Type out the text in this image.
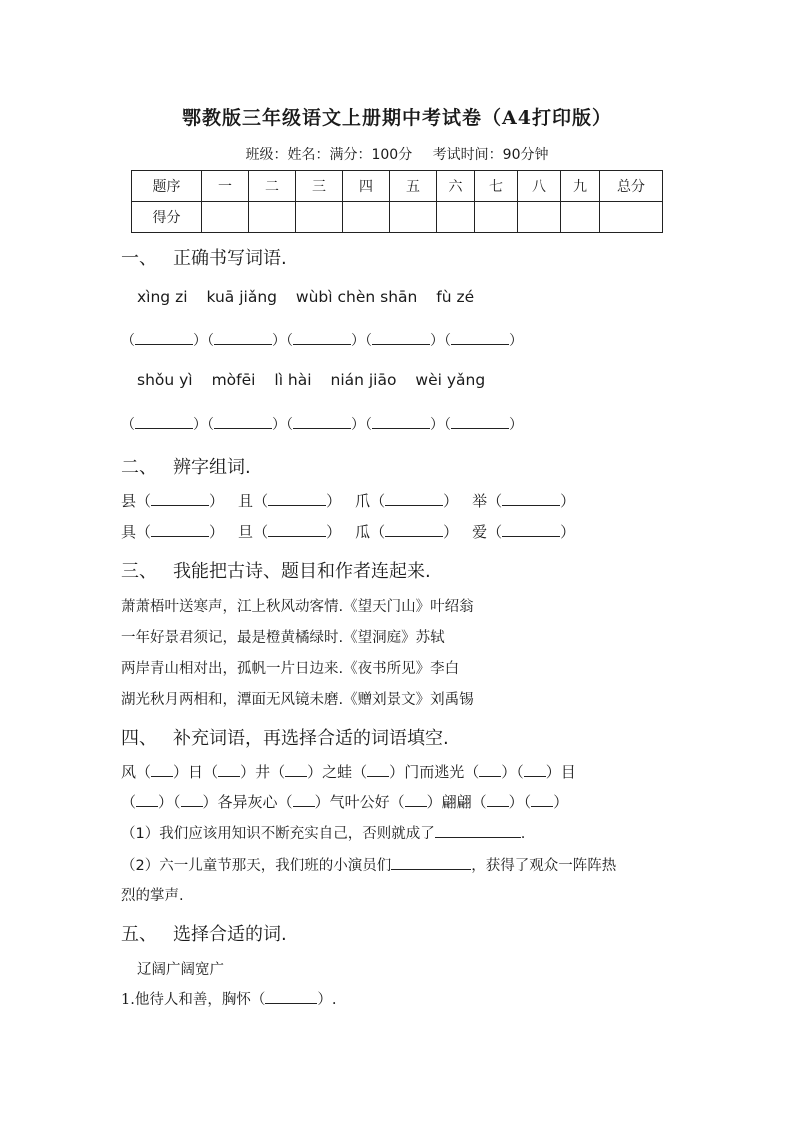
鄂教版三年级语文上册期中考试卷（A4打印版）
班级：姓名：满分：100分 考试时间：90分钟
题序	一	二	三	四	五	六	七	八	九	总分
得分										
一、 正确书写词语.
xìng zi kuā jiǎng wùbì chèn shān fù zé
（	）（	）（	）（	）（	）
shǒu yì mòfēi lì hài nián jiāo wèi yǎng
（	）（	）（	）（	）（	）
二、 辨字组词.
县（	） 且（	） 爪（	） 举（	）
具（	） 旦（	） 瓜（	） 爱（	）
三、 我能把古诗、题目和作者连起来.
萧萧梧叶送寒声，江上秋风动客情.《望天门山》叶绍翁
一年好景君须记，最是橙黄橘绿时.《望洞庭》苏轼
两岸青山相对出，孤帆一片日边来.《夜书所见》李白
湖光秋月两相和，潭面无风镜未磨.《赠刘景文》刘禹锡
四、 补充词语，再选择合适的词语填空.
风（ ）日（ ）井（ ）之蛙（ ）门而逃光（ ）（ ）目
（ ）（ ）各异灰心（ ）气叶公好（ ）翩翩（ ）（ ）
（1）我们应该用知识不断充实自己，否则就成了	.
（2）六一儿童节那天，我们班的小演员们	，获得了观众一阵阵热
烈的掌声.
五、 选择合适的词.
辽阔广阔宽广
1.他待人和善，胸怀（	）.
